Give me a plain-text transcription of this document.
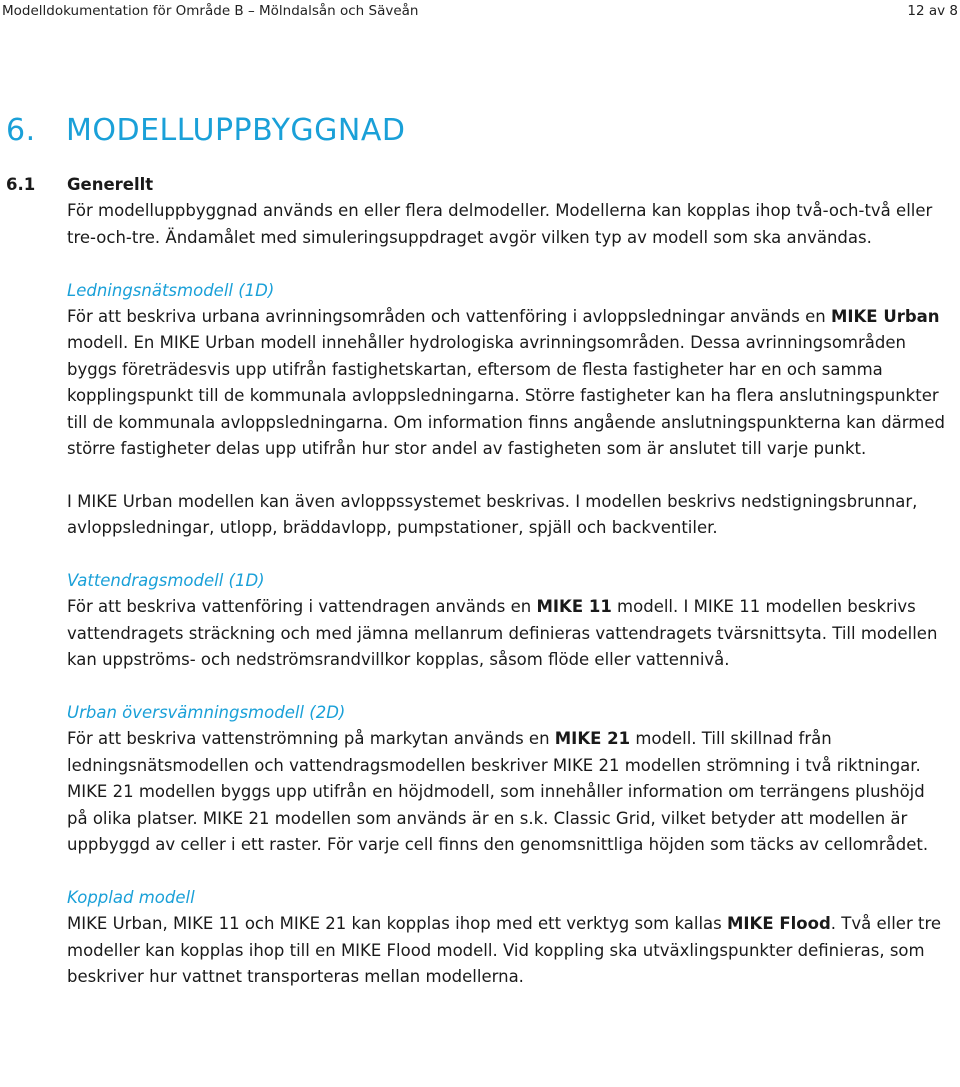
Modelldokumentation för Område B – Mölndalsån och Säveån	12 av 8
6. MODELLUPPBYGGNAD
6.1 Generellt

För modelluppbyggnad används en eller flera delmodeller. Modellerna kan kopplas ihop två-och-två eller tre-och-tre. Ändamålet med simuleringsuppdraget avgör vilken typ av modell som ska användas.

Ledningsnätsmodell (1D)

För att beskriva urbana avrinningsområden och vattenföring i avloppsledningar används en MIKE Urban modell. En MIKE Urban modell innehåller hydrologiska avrinningsområden. Dessa avrinningsområden byggs företrädesvis upp utifrån fastighetskartan, eftersom de flesta fastigheter har en och samma kopplingspunkt till de kommunala avloppsledningarna. Större fastigheter kan ha flera anslutningspunkter till de kommunala avloppsledningarna. Om information finns angående anslutningspunkterna kan därmed större fastigheter delas upp utifrån hur stor andel av fastigheten som är anslutet till varje punkt.

I MIKE Urban modellen kan även avloppssystemet beskrivas. I modellen beskrivs nedstigningsbrunnar, avloppsledningar, utlopp, bräddavlopp, pumpstationer, spjäll och backventiler.

Vattendragsmodell (1D)

För att beskriva vattenföring i vattendragen används en MIKE 11 modell. I MIKE 11 modellen beskrivs vattendragets sträckning och med jämna mellanrum definieras vattendragets tvärsnittsyta. Till modellen kan uppströms- och nedströmsrandvillkor kopplas, såsom flöde eller vattennivå.

Urban översvämningsmodell (2D)

För att beskriva vattenströmning på markytan används en MIKE 21 modell. Till skillnad från ledningsnätsmodellen och vattendragsmodellen beskriver MIKE 21 modellen strömning i två riktningar. MIKE 21 modellen byggs upp utifrån en höjdmodell, som innehåller information om terrängens plushöjd på olika platser. MIKE 21 modellen som används är en s.k. Classic Grid, vilket betyder att modellen är uppbyggd av celler i ett raster. För varje cell finns den genomsnittliga höjden som täcks av cellområdet.

Kopplad modell

MIKE Urban, MIKE 11 och MIKE 21 kan kopplas ihop med ett verktyg som kallas MIKE Flood. Två eller tre modeller kan kopplas ihop till en MIKE Flood modell. Vid koppling ska utväxlingspunkter definieras, som beskriver hur vattnet transporteras mellan modellerna.
